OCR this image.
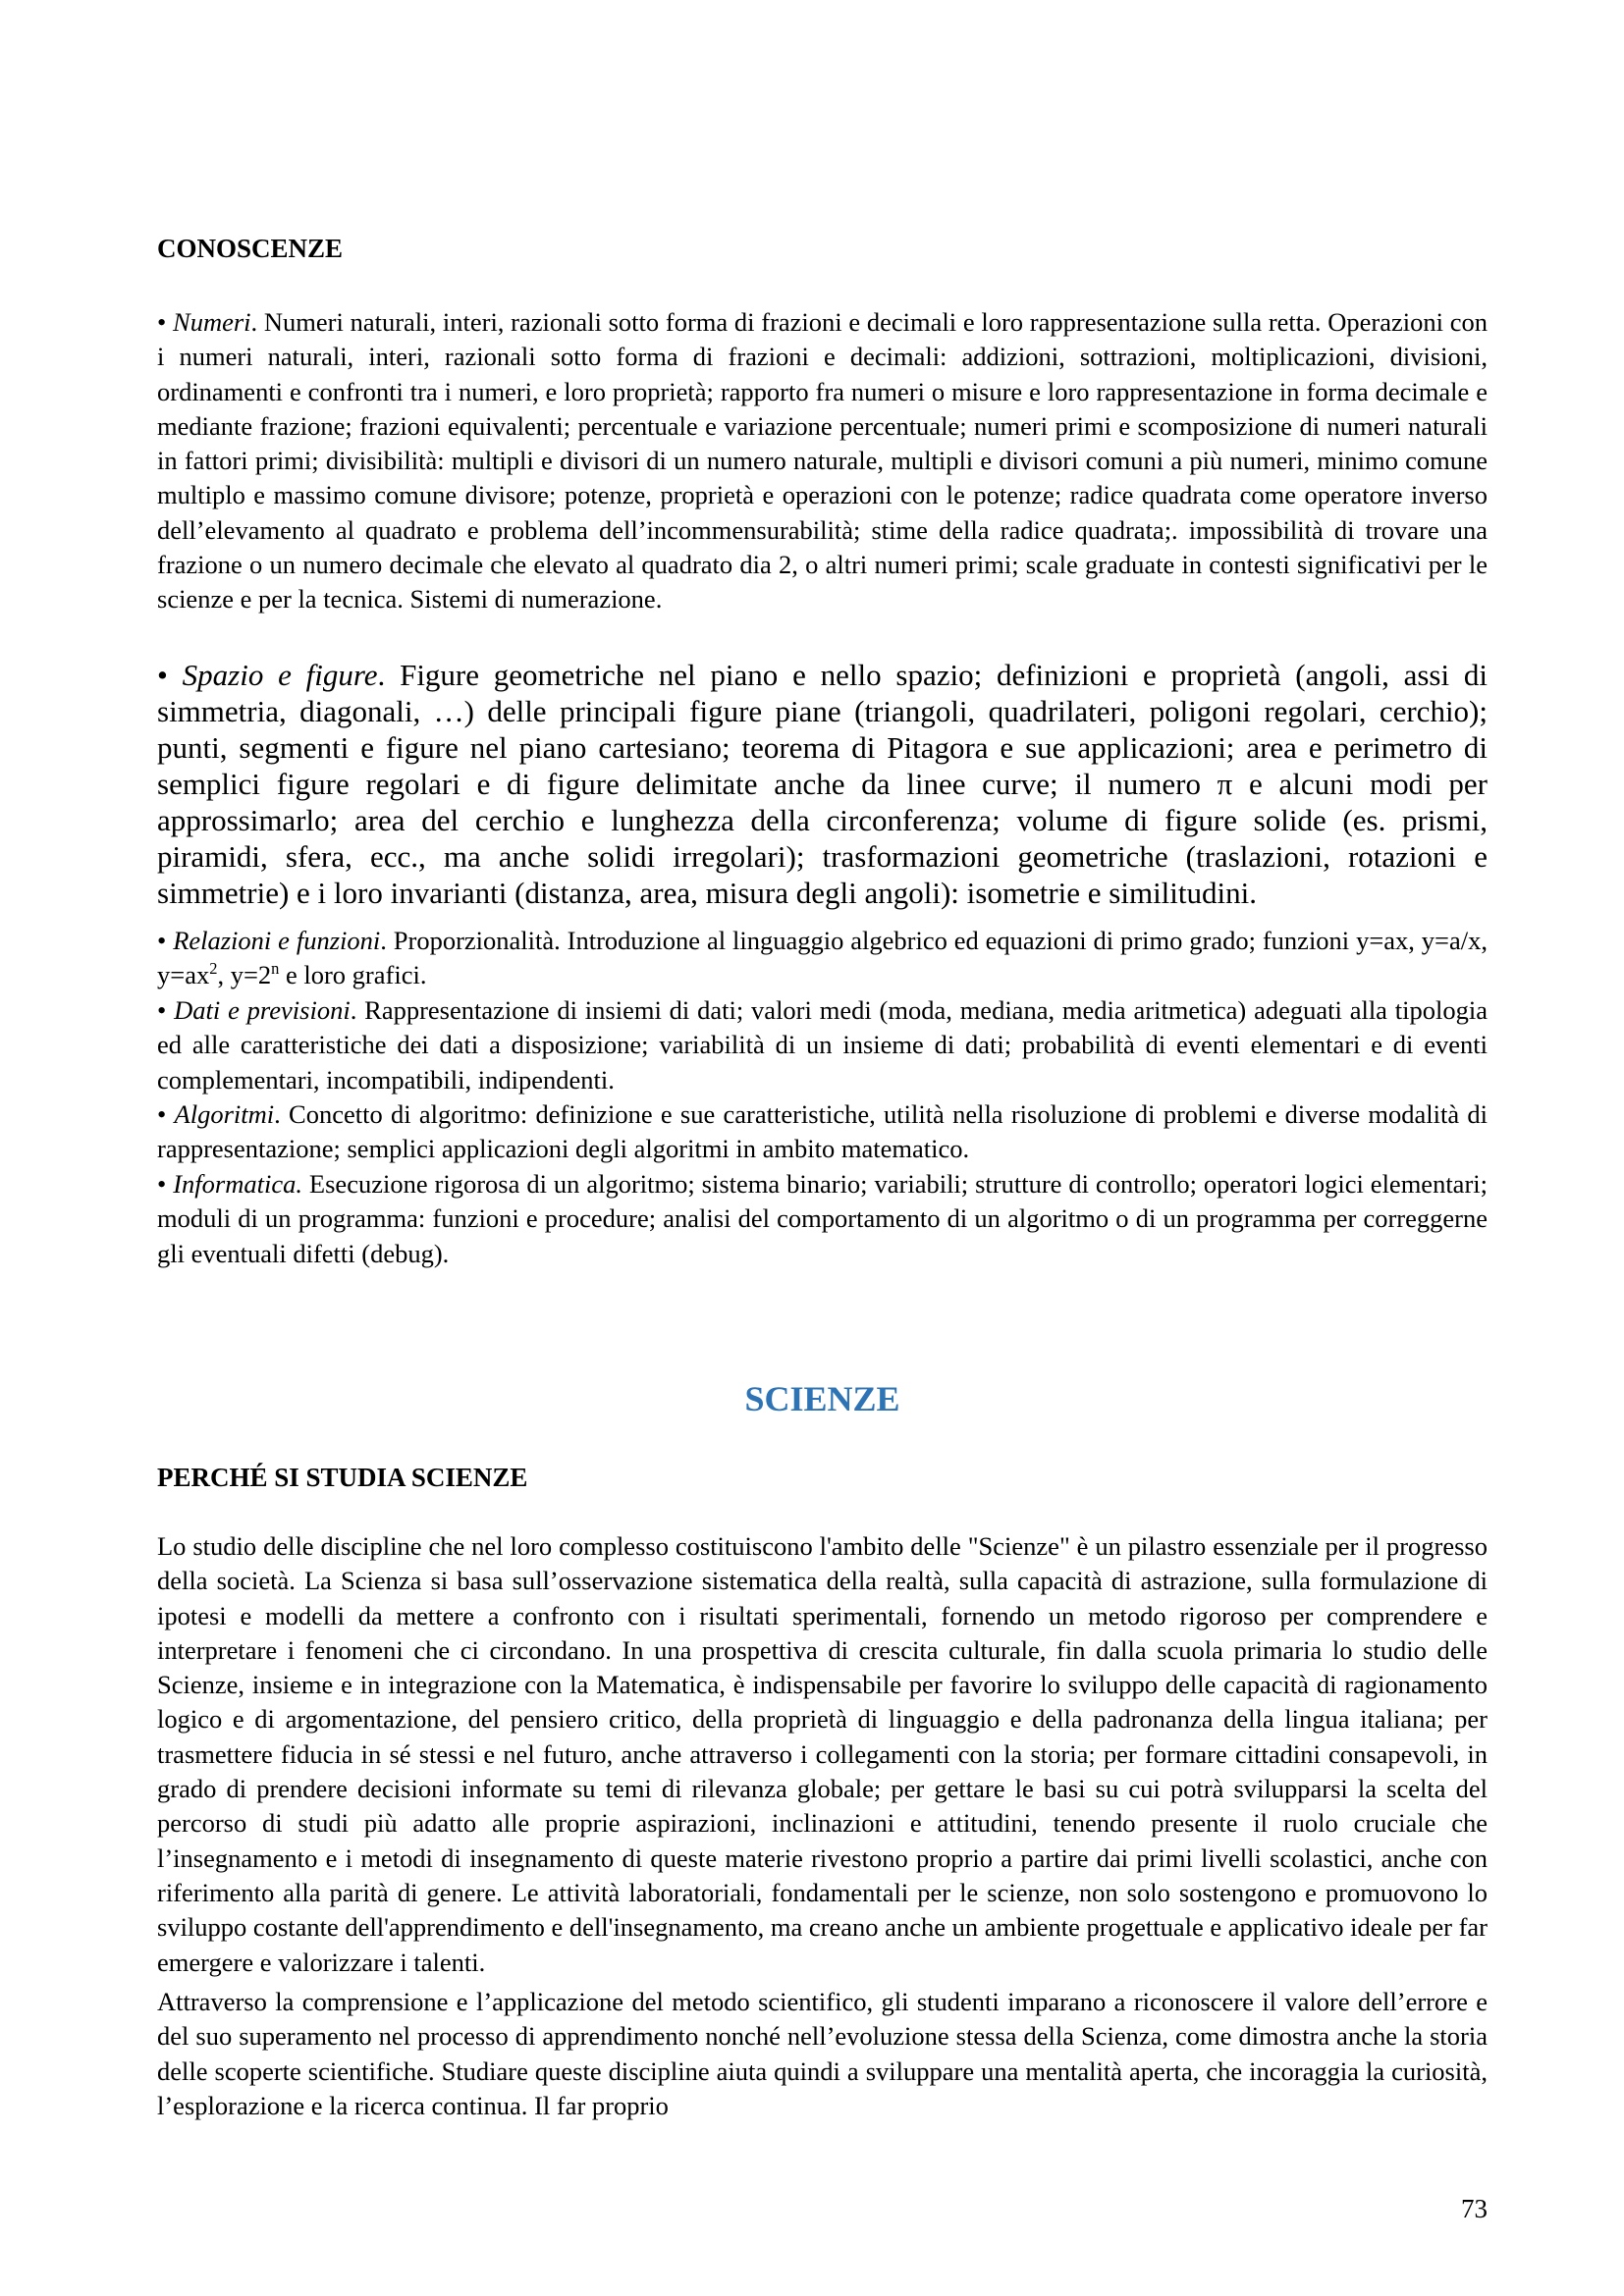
CONOSCENZE

• Numeri. Numeri naturali, interi, razionali sotto forma di frazioni e decimali e loro rappresentazione sulla retta. Operazioni con i numeri naturali, interi, razionali sotto forma di frazioni e decimali: addizioni, sottrazioni, moltiplicazioni, divisioni, ordinamenti e confronti tra i numeri, e loro proprietà; rapporto fra numeri o misure e loro rappresentazione in forma decimale e mediante frazione; frazioni equivalenti; percentuale e variazione percentuale; numeri primi e scomposizione di numeri naturali in fattori primi; divisibilità: multipli e divisori di un numero naturale, multipli e divisori comuni a più numeri, minimo comune multiplo e massimo comune divisore; potenze, proprietà e operazioni con le potenze; radice quadrata come operatore inverso dell’elevamento al quadrato e problema dell’incommensurabilità; stime della radice quadrata;. impossibilità di trovare una frazione o un numero decimale che elevato al quadrato dia 2, o altri numeri primi; scale graduate in contesti significativi per le scienze e per la tecnica. Sistemi di numerazione.

• Spazio e figure. Figure geometriche nel piano e nello spazio; definizioni e proprietà (angoli, assi di simmetria, diagonali, …) delle principali figure piane (triangoli, quadrilateri, poligoni regolari, cerchio); punti, segmenti e figure nel piano cartesiano; teorema di Pitagora e sue applicazioni; area e perimetro di semplici figure regolari e di figure delimitate anche da linee curve; il numero π e alcuni modi per approssimarlo; area del cerchio e lunghezza della circonferenza; volume di figure solide (es. prismi, piramidi, sfera, ecc., ma anche solidi irregolari); trasformazioni geometriche (traslazioni, rotazioni e simmetrie) e i loro invarianti (distanza, area, misura degli angoli): isometrie e similitudini.

• Relazioni e funzioni. Proporzionalità. Introduzione al linguaggio algebrico ed equazioni di primo grado; funzioni y=ax, y=a/x, $y=ax^2$, $y=2^n$ e loro grafici.

• Dati e previsioni. Rappresentazione di insiemi di dati; valori medi (moda, mediana, media aritmetica) adeguati alla tipologia ed alle caratteristiche dei dati a disposizione; variabilità di un insieme di dati; probabilità di eventi elementari e di eventi complementari, incompatibili, indipendenti.

• Algoritmi. Concetto di algoritmo: definizione e sue caratteristiche, utilità nella risoluzione di problemi e diverse modalità di rappresentazione; semplici applicazioni degli algoritmi in ambito matematico.

• Informatica. Esecuzione rigorosa di un algoritmo; sistema binario; variabili; strutture di controllo; operatori logici elementari; moduli di un programma: funzioni e procedure; analisi del comportamento di un algoritmo o di un programma per correggerne gli eventuali difetti (debug).

SCIENZE
PERCHÉ SI STUDIA SCIENZE

Lo studio delle discipline che nel loro complesso costituiscono l'ambito delle "Scienze" è un pilastro essenziale per il progresso della società. La Scienza si basa sull’osservazione sistematica della realtà, sulla capacità di astrazione, sulla formulazione di ipotesi e modelli da mettere a confronto con i risultati sperimentali, fornendo un metodo rigoroso per comprendere e interpretare i fenomeni che ci circondano. In una prospettiva di crescita culturale, fin dalla scuola primaria lo studio delle Scienze, insieme e in integrazione con la Matematica, è indispensabile per favorire lo sviluppo delle capacità di ragionamento logico e di argomentazione, del pensiero critico, della proprietà di linguaggio e della padronanza della lingua italiana; per trasmettere fiducia in sé stessi e nel futuro, anche attraverso i collegamenti con la storia; per formare cittadini consapevoli, in grado di prendere decisioni informate su temi di rilevanza globale; per gettare le basi su cui potrà svilupparsi la scelta del percorso di studi più adatto alle proprie aspirazioni, inclinazioni e attitudini, tenendo presente il ruolo cruciale che l’insegnamento e i metodi di insegnamento di queste materie rivestono proprio a partire dai primi livelli scolastici, anche con riferimento alla parità di genere. Le attività laboratoriali, fondamentali per le scienze, non solo sostengono e promuovono lo sviluppo costante dell'apprendimento e dell'insegnamento, ma creano anche un ambiente progettuale e applicativo ideale per far emergere e valorizzare i talenti.

Attraverso la comprensione e l’applicazione del metodo scientifico, gli studenti imparano a riconoscere il valore dell’errore e del suo superamento nel processo di apprendimento nonché nell’evoluzione stessa della Scienza, come dimostra anche la storia delle scoperte scientifiche. Studiare queste discipline aiuta quindi a sviluppare una mentalità aperta, che incoraggia la curiosità, l’esplorazione e la ricerca continua. Il far proprio

73
